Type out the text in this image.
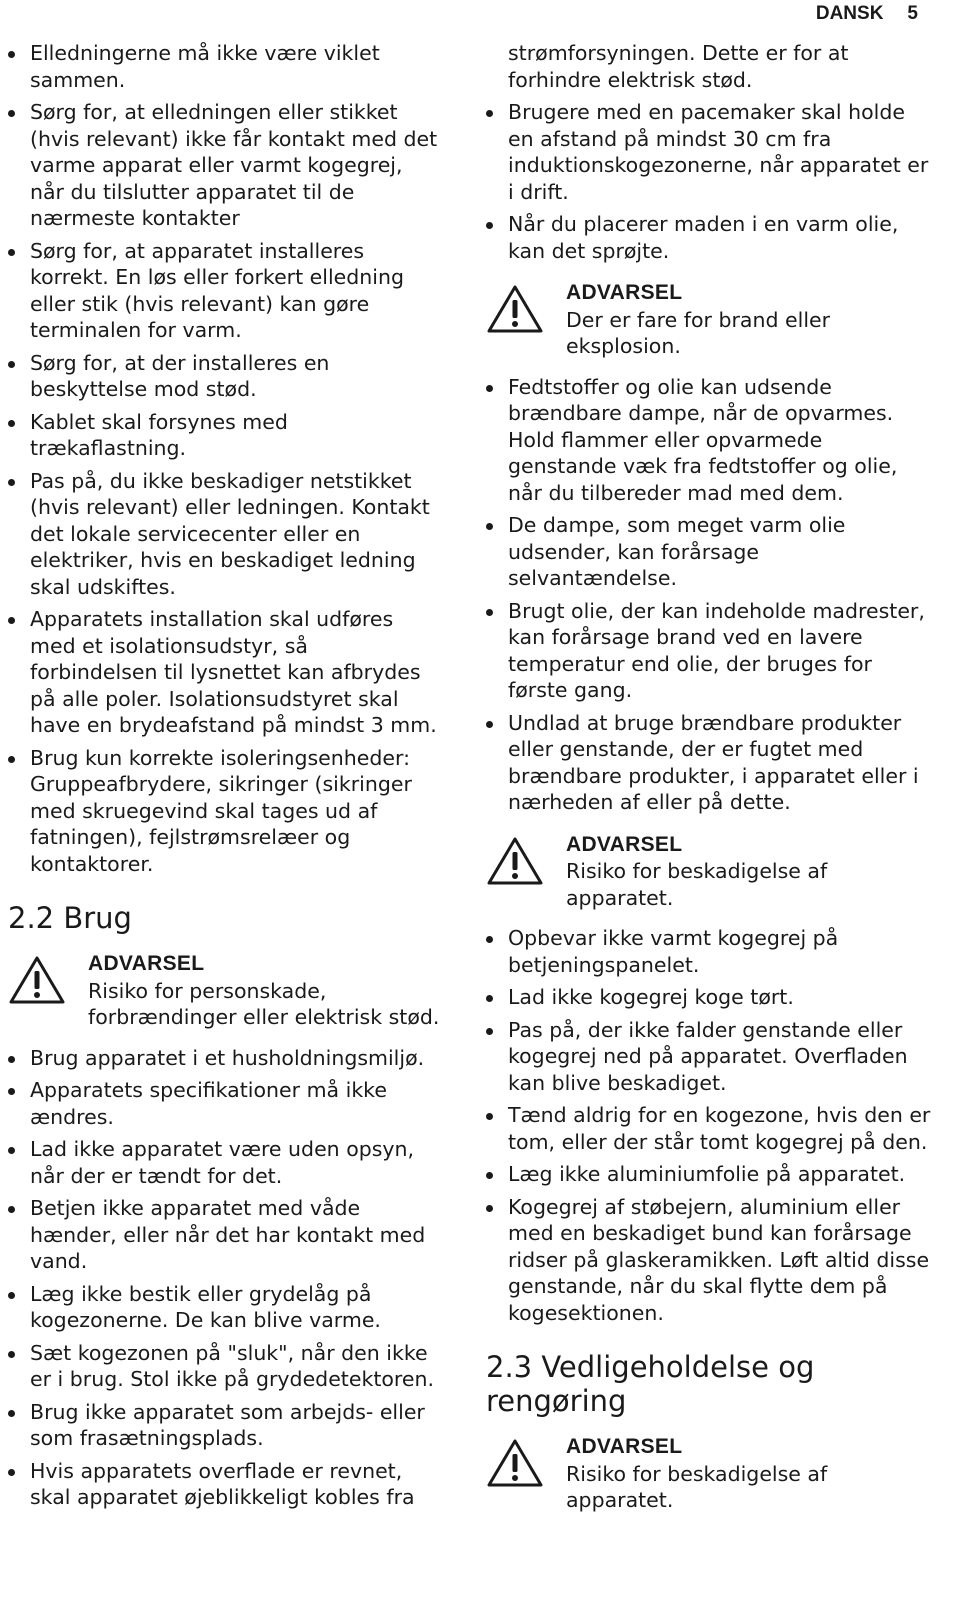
DANSK 5
Elledningerne må ikke være viklet sammen.
Sørg for, at elledningen eller stikket (hvis relevant) ikke får kontakt med det varme apparat eller varmt kogegrej, når du tilslutter apparatet til de nærmeste kontakter
Sørg for, at apparatet installeres korrekt. En løs eller forkert elledning eller stik (hvis relevant) kan gøre terminalen for varm.
Sørg for, at der installeres en beskyttelse mod stød.
Kablet skal forsynes med trækaflastning.
Pas på, du ikke beskadiger netstikket (hvis relevant) eller ledningen. Kontakt det lokale servicecenter eller en elektriker, hvis en beskadiget ledning skal udskiftes.
Apparatets installation skal udføres med et isolationsudstyr, så forbindelsen til lysnettet kan afbrydes på alle poler. Isolationsudstyret skal have en brydeafstand på mindst 3 mm.
Brug kun korrekte isoleringsenheder: Gruppeafbrydere, sikringer (sikringer med skruegevind skal tages ud af fatningen), fejlstrømsrelæer og kontaktorer.
2.2 Brug
ADVARSEL
Risiko for personskade, forbrændinger eller elektrisk stød.
Brug apparatet i et husholdningsmiljø.
Apparatets specifikationer må ikke ændres.
Lad ikke apparatet være uden opsyn, når der er tændt for det.
Betjen ikke apparatet med våde hænder, eller når det har kontakt med vand.
Læg ikke bestik eller grydelåg på kogezonerne. De kan blive varme.
Sæt kogezonen på "sluk", når den ikke er i brug. Stol ikke på grydedetektoren.
Brug ikke apparatet som arbejds- eller som frasætningsplads.
Hvis apparatets overflade er revnet, skal apparatet øjeblikkeligt kobles fra
strømforsyningen. Dette er for at forhindre elektrisk stød.
Brugere med en pacemaker skal holde en afstand på mindst 30 cm fra induktionskogezonerne, når apparatet er i drift.
Når du placerer maden i en varm olie, kan det sprøjte.
ADVARSEL
Der er fare for brand eller eksplosion.
Fedtstoffer og olie kan udsende brændbare dampe, når de opvarmes. Hold flammer eller opvarmede genstande væk fra fedtstoffer og olie, når du tilbereder mad med dem.
De dampe, som meget varm olie udsender, kan forårsage selvantændelse.
Brugt olie, der kan indeholde madrester, kan forårsage brand ved en lavere temperatur end olie, der bruges for første gang.
Undlad at bruge brændbare produkter eller genstande, der er fugtet med brændbare produkter, i apparatet eller i nærheden af eller på dette.
ADVARSEL
Risiko for beskadigelse af apparatet.
Opbevar ikke varmt kogegrej på betjeningspanelet.
Lad ikke kogegrej koge tørt.
Pas på, der ikke falder genstande eller kogegrej ned på apparatet. Overfladen kan blive beskadiget.
Tænd aldrig for en kogezone, hvis den er tom, eller der står tomt kogegrej på den.
Læg ikke aluminiumfolie på apparatet.
Kogegrej af støbejern, aluminium eller med en beskadiget bund kan forårsage ridser på glaskeramikken. Løft altid disse genstande, når du skal flytte dem på kogesektionen.
2.3 Vedligeholdelse og rengøring
ADVARSEL
Risiko for beskadigelse af apparatet.
